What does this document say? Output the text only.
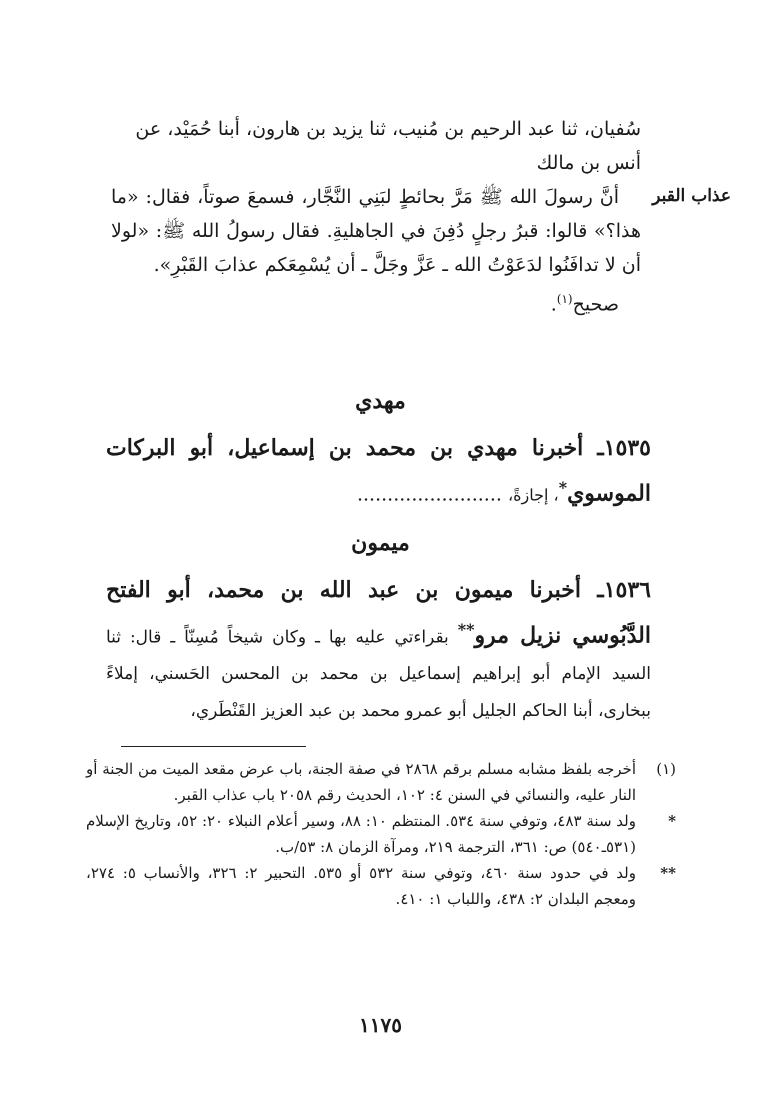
سُفيان، ثنا عبد الرحيم بن مُنيب، ثنا يزيد بن هارون، أبنا حُمَيْد، عن
أنس بن مالك
أنَّ رسولَ الله ﷺ مَرَّ بحائطٍ لبَنِي النَّجَّار، فسمعَ صوتاً، فقال: «ما هذا؟» قالوا: قبرُ رجلٍ دُفِنَ في الجاهليةِ. فقال رسولُ الله ﷺ: «لولا أن لا تدافَنُوا لدَعَوْتُ الله ـ عَزَّ وجَلَّ ـ أن يُسْمِعَكم عذابَ القَبْرِ».
صحيح$^{(١)}$.
عذاب القبر
مهدي
١٥٣٥ـ أخبرنا مهدي بن محمد بن إسماعيل، أبو البركات الموسوي*، إجازةً، ........................
ميمون
١٥٣٦ـ أخبرنا ميمون بن عبد الله بن محمد، أبو الفتح الدَّبُوسي نزيل مرو** بقراءتي عليه بها ـ وكان شيخاً مُسِنّاً ـ قال: ثنا السيد الإمام أبو إبراهيم إسماعيل بن محمد بن المحسن الحَسني، إملاءً ببخارى، أبنا الحاكم الجليل أبو عمرو محمد بن عبد العزيز القَنْطَري،
(١)
أخرجه بلفظ مشابه مسلم برقم ٢٨٦٨ في صفة الجنة، باب عرض مقعد الميت من الجنة أو النار عليه، والنسائي في السنن ٤: ١٠٢، الحديث رقم ٢٠٥٨ باب عذاب القبر.
*
ولد سنة ٤٨٣، وتوفي سنة ٥٣٤. المنتظم ١٠: ٨٨، وسير أعلام النبلاء ٢٠: ٥٢، وتاريخ الإسلام (٥٣١ـ٥٤٠) ص: ٣٦١، الترجمة ٢١٩، ومرآة الزمان ٨: ٥٣/ب.
**
ولد في حدود سنة ٤٦٠، وتوفي سنة ٥٣٢ أو ٥٣٥. التحبير ٢: ٣٢٦، والأنساب ٥: ٢٧٤، ومعجم البلدان ٢: ٤٣٨، واللباب ١: ٤١٠.
١١٧٥
